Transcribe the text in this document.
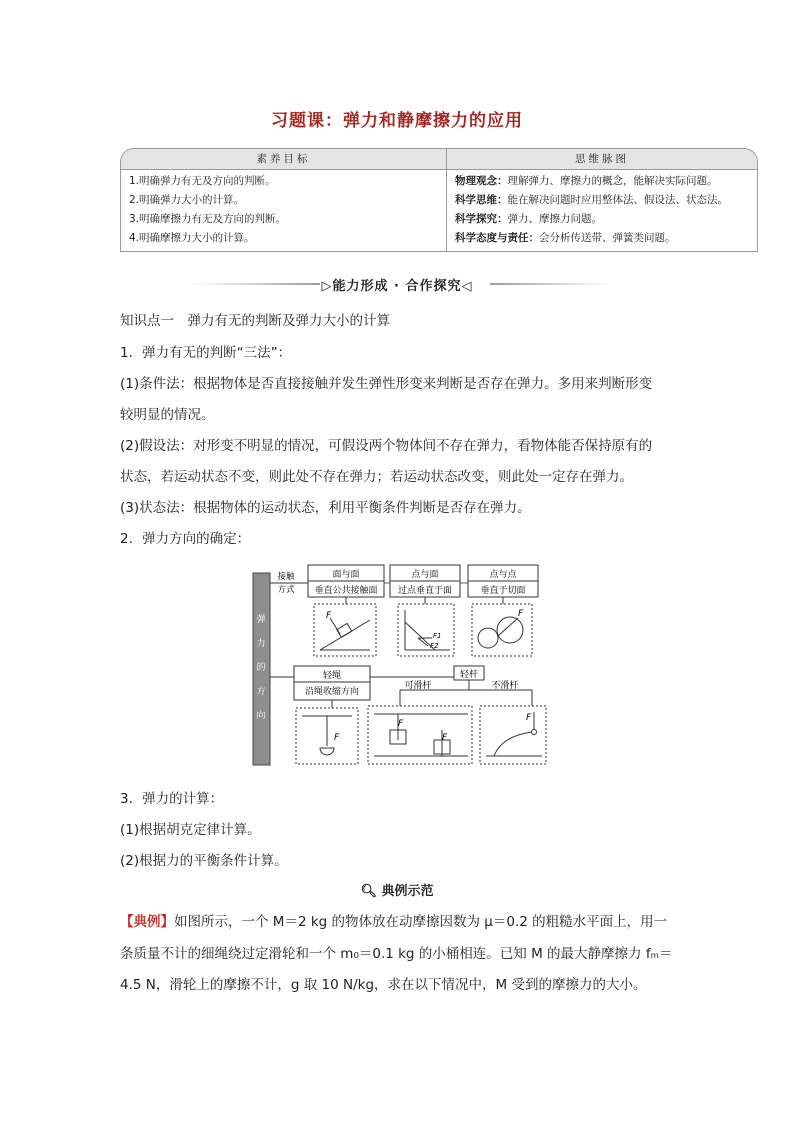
习题课：弹力和静摩擦力的应用
素养目标	思维脉图
1.明确弹力有无及方向的判断。
2.明确弹力大小的计算。
3.明确摩擦力有无及方向的判断。
4.明确摩擦力大小的计算。
物理观念：理解弹力、摩擦力的概念，能解决实际问题。
科学思维：能在解决问题时应用整体法、假设法、状态法。
科学探究：弹力、摩擦力问题。
科学态度与责任：会分析传送带、弹簧类问题。
▷能力形成 · 合作探究◁
知识点一　弹力有无的判断及弹力大小的计算
1．弹力有无的判断“三法”：
(1)条件法：根据物体是否直接接触并发生弹性形变来判断是否存在弹力。多用来判断形变
较明显的情况。
(2)假设法：对形变不明显的情况，可假设两个物体间不存在弹力，看物体能否保持原有的
状态，若运动状态不变，则此处不存在弹力；若运动状态改变，则此处一定存在弹力。
(3)状态法：根据物体的运动状态，利用平衡条件判断是否存在弹力。
2．弹力方向的确定：
弹
力
的
方
向
接触
方式
面与面
垂直公共接触面
点与面
过点垂直于面
点与点
垂直于切面
F
F1
F2
F
轻绳
沿绳收缩方向
轻杆
可滑杆	不滑杆
F
F
F
F
3．弹力的计算：
(1)根据胡克定律计算。
(2)根据力的平衡条件计算。
🔍︎ 典例示范
【典例】如图所示，一个 M＝2 kg 的物体放在动摩擦因数为 μ＝0.2 的粗糙水平面上，用一
条质量不计的细绳绕过定滑轮和一个 m₀＝0.1 kg 的小桶相连。已知 M 的最大静摩擦力 fₘ＝
4.5 N，滑轮上的摩擦不计，g 取 10 N/kg，求在以下情况中，M 受到的摩擦力的大小。
